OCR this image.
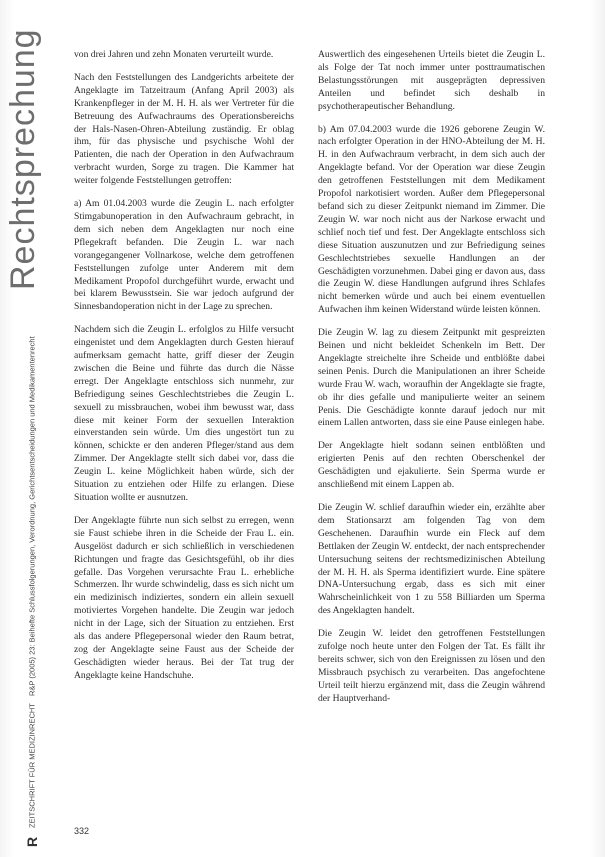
Rechtsprechung
R
ZEITSCHRIFT FÜR MEDIZINRECHT
R&P (2005) 23: Beihefte Schlussfolgerungen, Verordnung, Gerichtsentscheidungen und Medikamentenrecht

von drei Jahren und zehn Monaten verurteilt wurde.

Nach den Feststellungen des Landgerichts arbeitete der Angeklagte im Tatzeitraum (Anfang April 2003) als Krankenpfleger in der M. H. H. als wer Vertreter für die Betreuung des Aufwachraums des Operationsbereichs der Hals-Nasen-Ohren-Abteilung zuständig. Er oblag ihm, für das physische und psychische Wohl der Patienten, die nach der Operation in den Aufwachraum verbracht wurden, Sorge zu tragen. Die Kammer hat weiter folgende Feststellungen getroffen:

a) Am 01.04.2003 wurde die Zeugin L. nach erfolgter Stimgabunoperation in den Aufwachraum gebracht, in dem sich neben dem Angeklagten nur noch eine Pflegekraft befanden. Die Zeugin L. war nach vorangegangener Vollnarkose, welche dem getroffenen Feststellungen zufolge unter Anderem mit dem Medikament Propofol durchgeführt wurde, erwacht und bei klarem Bewusstsein. Sie war jedoch aufgrund der Sinnesbandoperation nicht in der Lage zu sprechen.

Nachdem sich die Zeugin L. erfolglos zu Hilfe versucht eingenistet und dem Angeklagten durch Gesten hierauf aufmerksam gemacht hatte, griff dieser der Zeugin zwischen die Beine und führte das durch die Nässe erregt. Der Angeklagte entschloss sich nunmehr, zur Befriedigung seines Geschlechtstriebes die Zeugin L. sexuell zu missbrauchen, wobei ihm bewusst war, dass diese mit keiner Form der sexuellen Interaktion einverstanden sein würde. Um dies ungestört tun zu können, schickte er den anderen Pfleger/stand aus dem Zimmer. Der Angeklagte stellt sich dabei vor, dass die Zeugin L. keine Möglichkeit haben würde, sich der Situation zu entziehen oder Hilfe zu erlangen. Diese Situation wollte er ausnutzen.

Der Angeklagte führte nun sich selbst zu erregen, wenn sie Faust schiebe ihren in die Scheide der Frau L. ein. Ausgelöst dadurch er sich schließlich in verschiedenen Richtungen und fragte das Gesichtsgefühl, ob ihr dies gefalle. Das Vorgehen verursachte Frau L. erhebliche Schmerzen. Ihr wurde schwindelig, dass es sich nicht um ein medizinisch indiziertes, sondern ein allein sexuell motiviertes Vorgehen handelte. Die Zeugin war jedoch nicht in der Lage, sich der Situation zu entziehen. Erst als das andere Pflegepersonal wieder den Raum betrat, zog der Angeklagte seine Faust aus der Scheide der Geschädigten wieder heraus. Bei der Tat trug der Angeklagte keine Handschuhe.

Auswertlich des eingesehenen Urteils bietet die Zeugin L. als Folge der Tat noch immer unter posttraumatischen Belastungsstörungen mit ausgeprägten depressiven Anteilen und befindet sich deshalb in psychotherapeutischer Behandlung.

b) Am 07.04.2003 wurde die 1926 geborene Zeugin W. nach erfolgter Operation in der HNO-Abteilung der M. H. H. in den Aufwachraum verbracht, in dem sich auch der Angeklagte befand. Vor der Operation war diese Zeugin den getroffenen Feststellungen mit dem Medikament Propofol narkotisiert worden. Außer dem Pflegepersonal befand sich zu dieser Zeitpunkt niemand im Zimmer. Die Zeugin W. war noch nicht aus der Narkose erwacht und schlief noch tief und fest. Der Angeklagte entschloss sich diese Situation auszunutzen und zur Befriedigung seines Geschlechtstriebes sexuelle Handlungen an der Geschädigten vorzunehmen. Dabei ging er davon aus, dass die Zeugin W. diese Handlungen aufgrund ihres Schlafes nicht bemerken würde und auch bei einem eventuellen Aufwachen ihm keinen Widerstand würde leisten können.

Die Zeugin W. lag zu diesem Zeitpunkt mit gespreizten Beinen und nicht bekleidet Schenkeln im Bett. Der Angeklagte streichelte ihre Scheide und entblößte dabei seinen Penis. Durch die Manipulationen an ihrer Scheide wurde Frau W. wach, woraufhin der Angeklagte sie fragte, ob ihr dies gefalle und manipulierte weiter an seinem Penis. Die Geschädigte konnte darauf jedoch nur mit einem Lallen antworten, dass sie eine Pause einlegen habe.

Der Angeklagte hielt sodann seinen entblößten und erigierten Penis auf den rechten Oberschenkel der Geschädigten und ejakulierte. Sein Sperma wurde er anschließend mit einem Lappen ab.

Die Zeugin W. schlief daraufhin wieder ein, erzählte aber dem Stationsarzt am folgenden Tag von dem Geschehenen. Daraufhin wurde ein Fleck auf dem Bettlaken der Zeugin W. entdeckt, der nach entsprechender Untersuchung seitens der rechtsmedizinischen Abteilung der M. H. H. als Sperma identifiziert wurde. Eine spätere DNA-Untersuchung ergab, dass es sich mit einer Wahrscheinlichkeit von 1 zu 558 Billiarden um Sperma des Angeklagten handelt.

Die Zeugin W. leidet den getroffenen Feststellungen zufolge noch heute unter den Folgen der Tat. Es fällt ihr bereits schwer, sich von den Ereignissen zu lösen und den Missbrauch psychisch zu verarbeiten. Das angefochtene Urteil teilt hierzu ergänzend mit, dass die Zeugin während der Hauptverhand-

332
